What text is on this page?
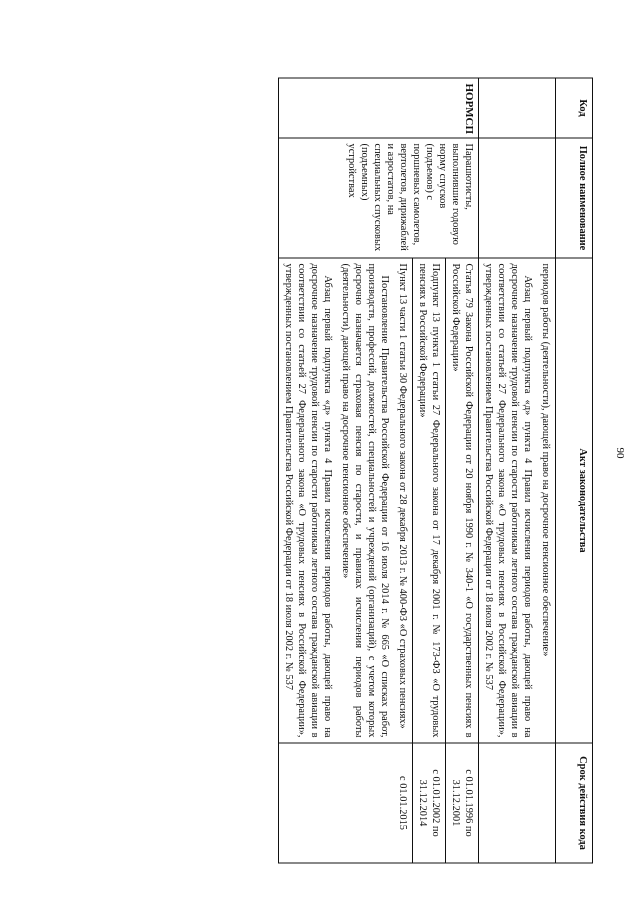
90
Код	Полное наименование	Акт законодательства	Срок действия кода

		периодов работы (деятельности), дающей право на досрочное пенсионное обеспечение»

Абзац первый подпункта «д» пункта 4 Правил исчисления периодов работы, дающей право на досрочное назначение трудовой пенсии по старости работникам летного состава гражданской авиации в соответствии со статьей 27 Федерального закона «О трудовых пенсиях в Российской Федерации», утвержденных постановлением Правительства Российской Федерации от 18 июля 2002 г. № 537	

НОРМСП	Парашютисты, выполнившие годовую норму спусков (подъемов) с поршневых самолетов, вертолетов, дирижаблей и аэростатов, на специальных спусковых (подъемных) устройствах	Статья 79 Закона Российской Федерации от 20 ноября 1990 г. № 340-1 «О государственных пенсиях в Российской Федерации»	с 01.01.1996 по 31.12.2001

		Подпункт 13 пункта 1 статьи 27 Федерального закона от 17 декабря 2001 г. № 173-ФЗ «О трудовых пенсиях в Российской Федерации»	с 01.01.2002 по 31.12.2014

		Пункт 13 части 1 статьи 30 Федерального закона от 28 декабря 2013 г. № 400-ФЗ «О страховых пенсиях»

Постановление Правительства Российской Федерации от 16 июля 2014 г. № 665 «О списках работ, производств, профессий, должностей, специальностей и учреждений (организаций), с учетом которых досрочно назначается страховая пенсия по старости, и правилах исчисления периодов работы (деятельности), дающей право на досрочное пенсионное обеспечение»

Абзац первый подпункта «д» пункта 4 Правил исчисления периодов работы, дающей право на досрочное назначение трудовой пенсии по старости работникам летного состава гражданской авиации в соответствии со статьей 27 Федерального закона «О трудовых пенсиях в Российской Федерации», утвержденных постановлением Правительства Российской Федерации от 18 июля 2002 г. № 537	с 01.01.2015
